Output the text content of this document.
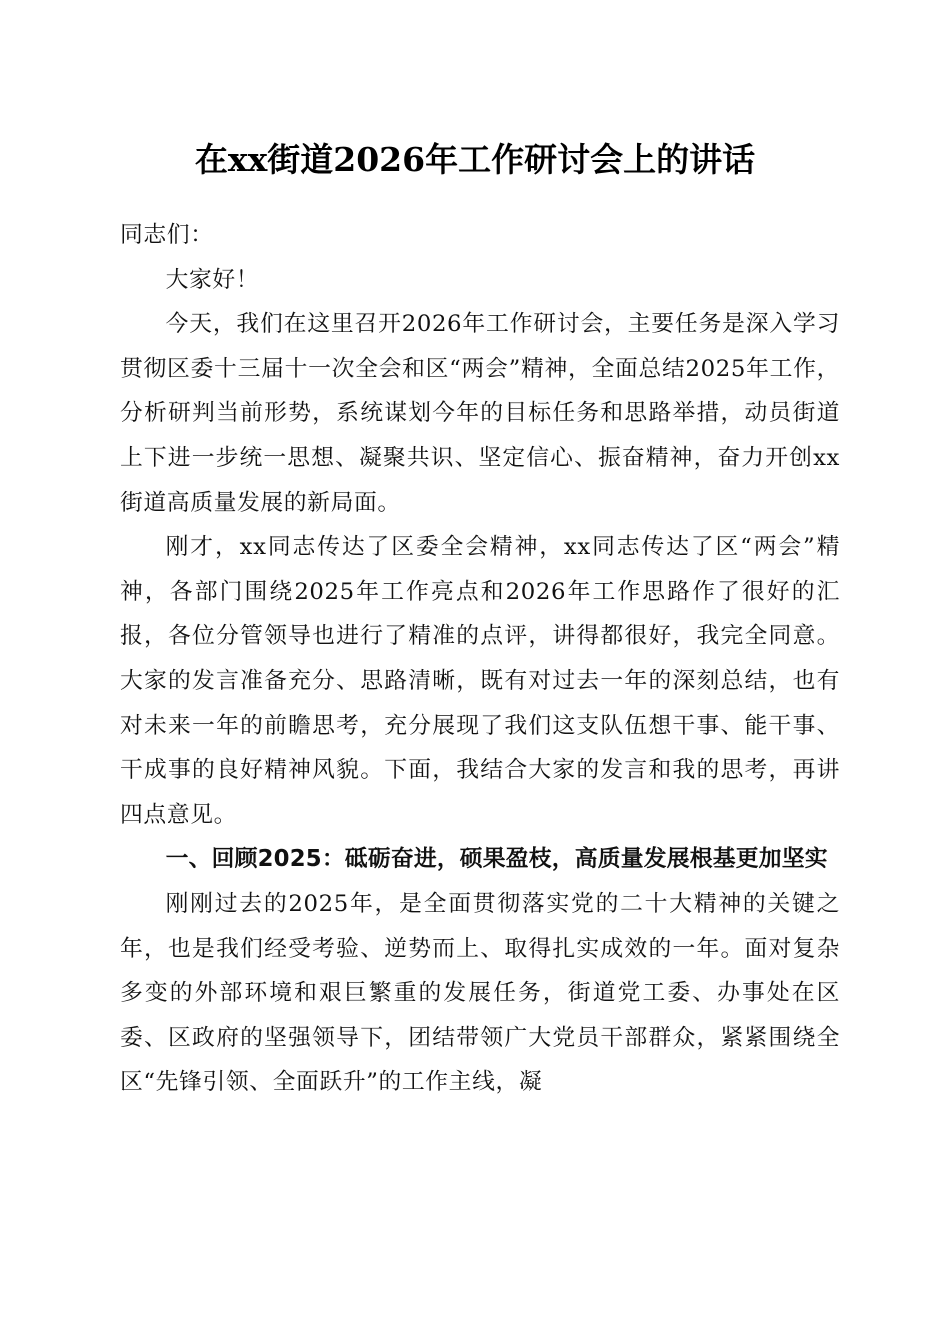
在xx街道2026年工作研讨会上的讲话

同志们：

大家好！

今天，我们在这里召开2026年工作研讨会，主要任务是深入学习贯彻区委十三届十一次全会和区“两会”精神，全面总结2025年工作，分析研判当前形势，系统谋划今年的目标任务和思路举措，动员街道上下进一步统一思想、凝聚共识、坚定信心、振奋精神，奋力开创xx街道高质量发展的新局面。

刚才，xx同志传达了区委全会精神，xx同志传达了区“两会”精神，各部门围绕2025年工作亮点和2026年工作思路作了很好的汇报，各位分管领导也进行了精准的点评，讲得都很好，我完全同意。大家的发言准备充分、思路清晰，既有对过去一年的深刻总结，也有对未来一年的前瞻思考，充分展现了我们这支队伍想干事、能干事、干成事的良好精神风貌。下面，我结合大家的发言和我的思考，再讲四点意见。

一、回顾2025：砥砺奋进，硕果盈枝，高质量发展根基更加坚实

刚刚过去的2025年，是全面贯彻落实党的二十大精神的关键之年，也是我们经受考验、逆势而上、取得扎实成效的一年。面对复杂多变的外部环境和艰巨繁重的发展任务，街道党工委、办事处在区委、区政府的坚强领导下，团结带领广大党员干部群众，紧紧围绕全区“先锋引领、全面跃升”的工作主线，凝
